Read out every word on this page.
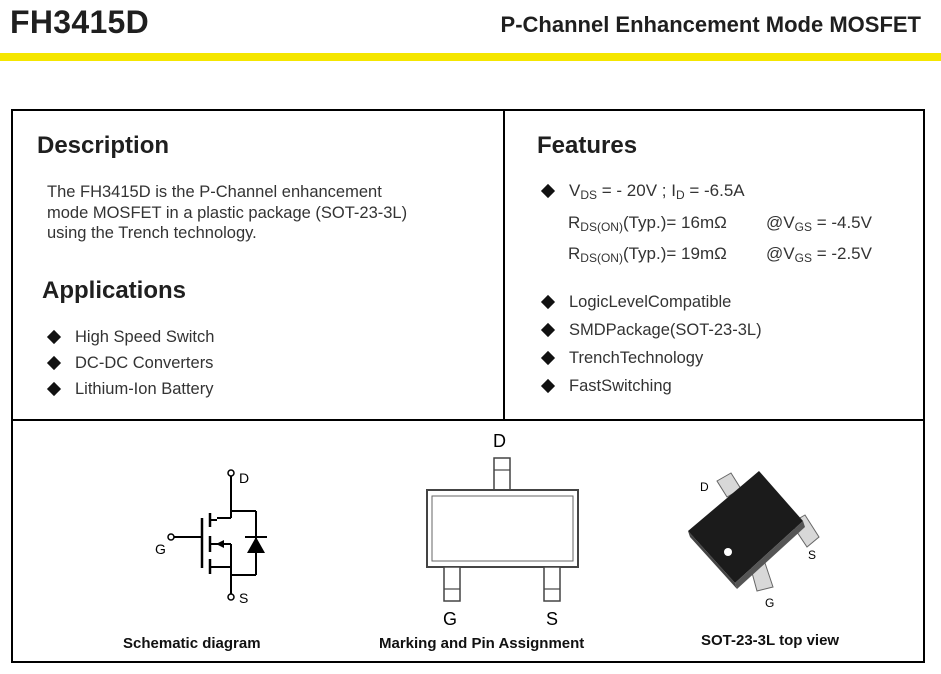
FH3415D	P-Channel Enhancement Mode MOSFET
Description
The FH3415D is the P-Channel enhancement
mode MOSFET in a plastic package (SOT-23-3L)
using the Trench technology.
Applications
High Speed Switch
DC-DC Converters
Lithium-Ion Battery
Features
$V_{DS}$
= - 20V ;
$I_D$
= -6.5A
$R_{DS(ON)}(Typ.)= 16m\Omega$ $@V_{GS} = -4.5V$
$R_{DS(ON)}(Typ.)= 19m\Omega$ $@V_{GS} = -2.5V$
LogicLevelCompatible
SMDPackage(SOT-23-3L)
TrenchTechnology
FastSwitching
D
G
S
Schematic diagram
D
G	S
Marking and Pin Assignment
D
S
G
SOT-23-3L top view
